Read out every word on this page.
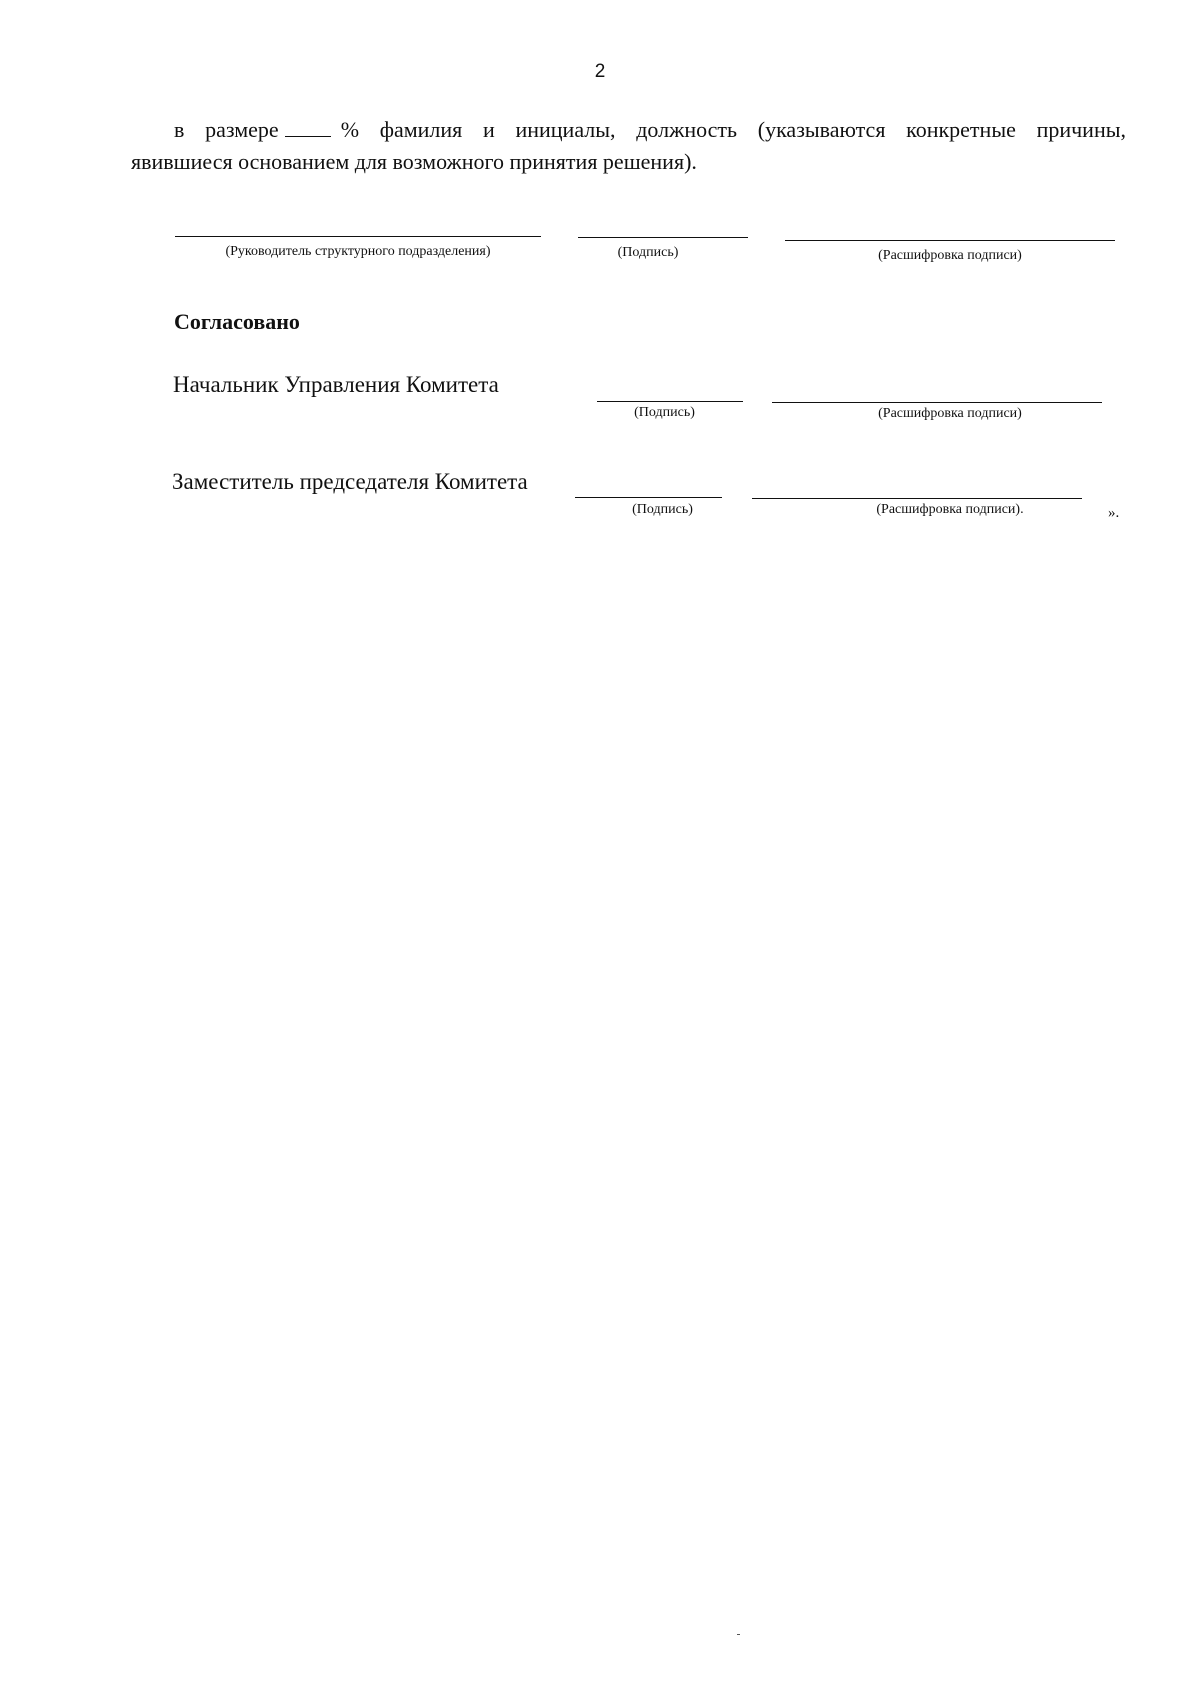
2
в размере	% фамилия и инициалы, должность (указываются конкретные причины,
явившиеся основанием для возможного принятия решения).
(Руководитель структурного подразделения)	(Подпись)	(Расшифровка подписи)
Согласовано
Начальник Управления Комитета
(Подпись)	(Расшифровка подписи)
Заместитель председателя Комитета
(Подпись)	(Расшифровка подписи).	».
